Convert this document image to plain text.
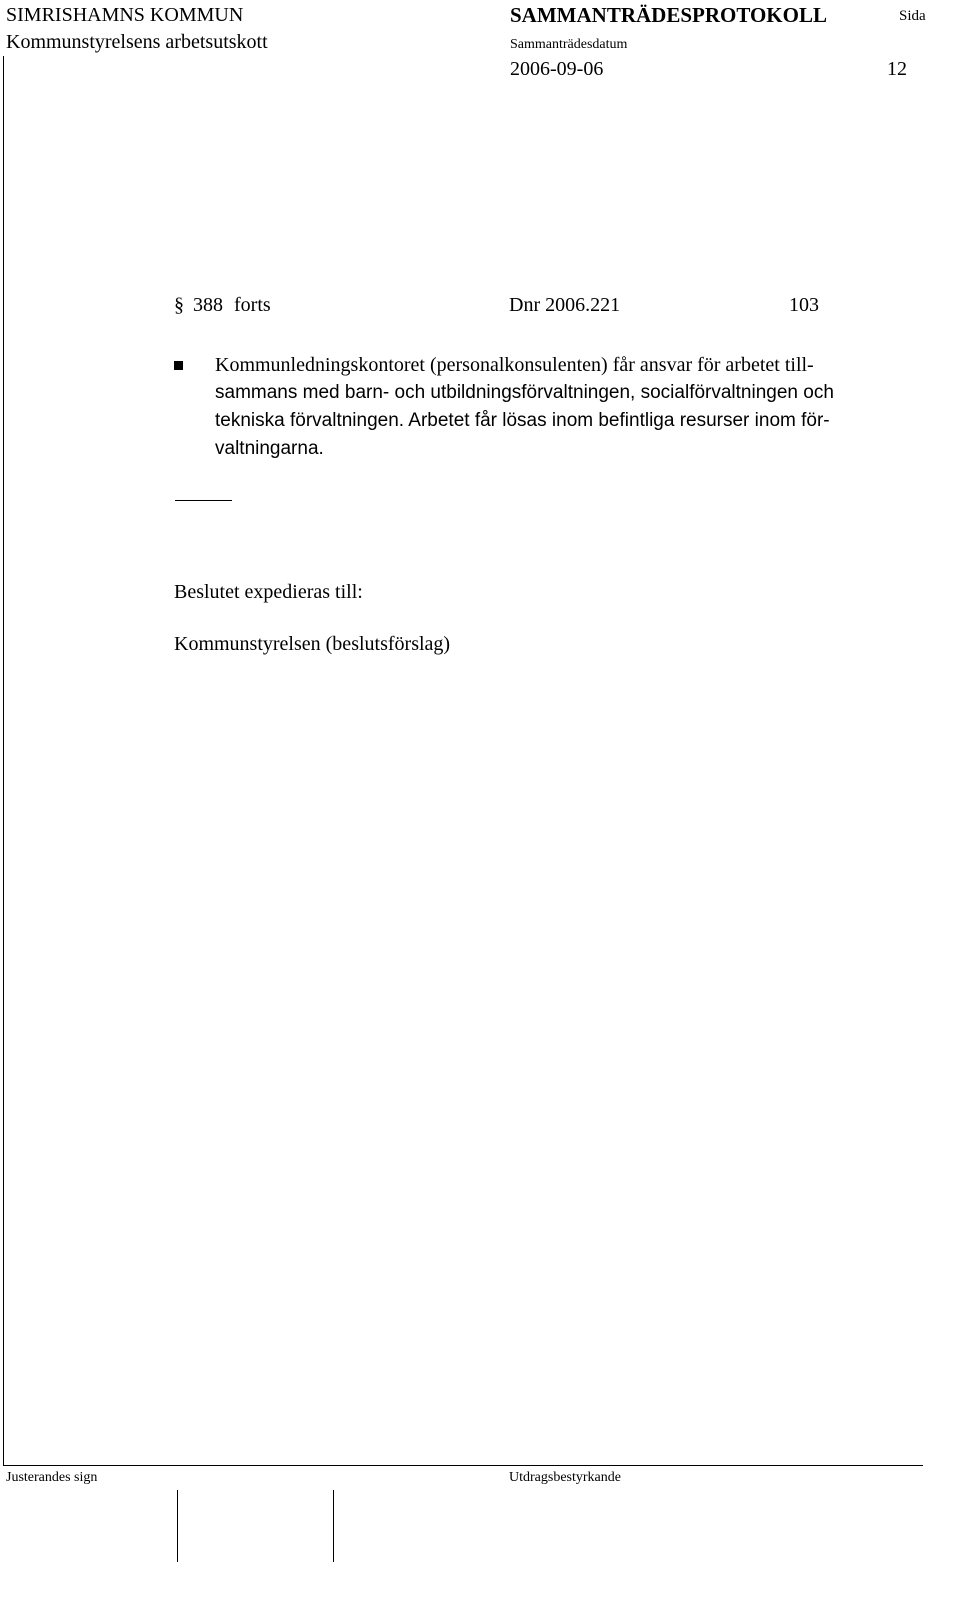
SIMRISHAMNS KOMMUN
Kommunstyrelsens arbetsutskott
SAMMANTRÄDESPROTOKOLL	Sida
Sammanträdesdatum
2006-09-06	12
§ 388 forts	Dnr 2006.221	103
Kommunledningskontoret (personalkonsulenten) får ansvar för arbetet till-
sammans med barn- och utbildningsförvaltningen, socialförvaltningen och
tekniska förvaltningen. Arbetet får lösas inom befintliga resurser inom för-
valtningarna.
Beslutet expedieras till:
Kommunstyrelsen (beslutsförslag)
Justerandes sign	Utdragsbestyrkande
